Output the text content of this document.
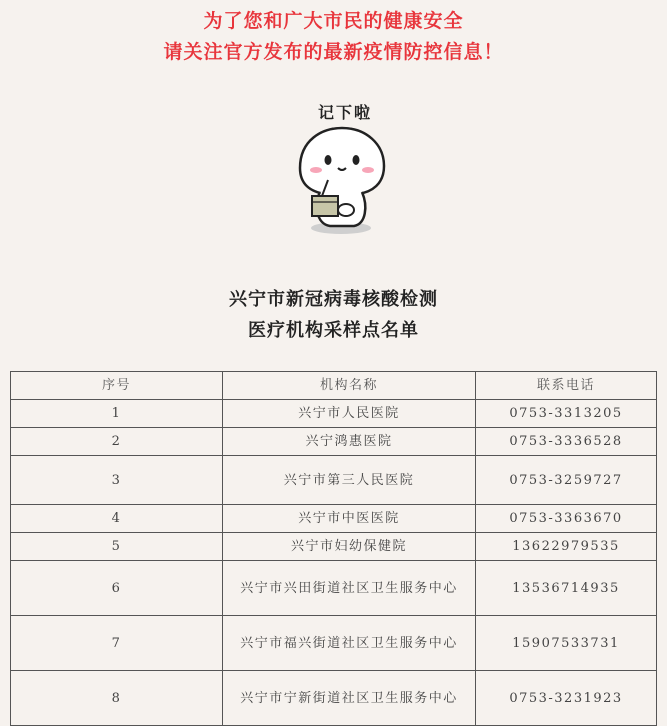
为了您和广大市民的健康安全
请关注官方发布的最新疫情防控信息！
记下啦
兴宁市新冠病毒核酸检测
医疗机构采样点名单
序号	机构名称	联系电话
1	兴宁市人民医院	0753-3313205
2	兴宁鸿惠医院	0753-3336528
3	兴宁市第三人民医院	0753-3259727
4	兴宁市中医医院	0753-3363670
5	兴宁市妇幼保健院	13622979535
6	兴宁市兴田街道社区卫生服务中心	13536714935
7	兴宁市福兴街道社区卫生服务中心	15907533731
8	兴宁市宁新街道社区卫生服务中心	0753-3231923
